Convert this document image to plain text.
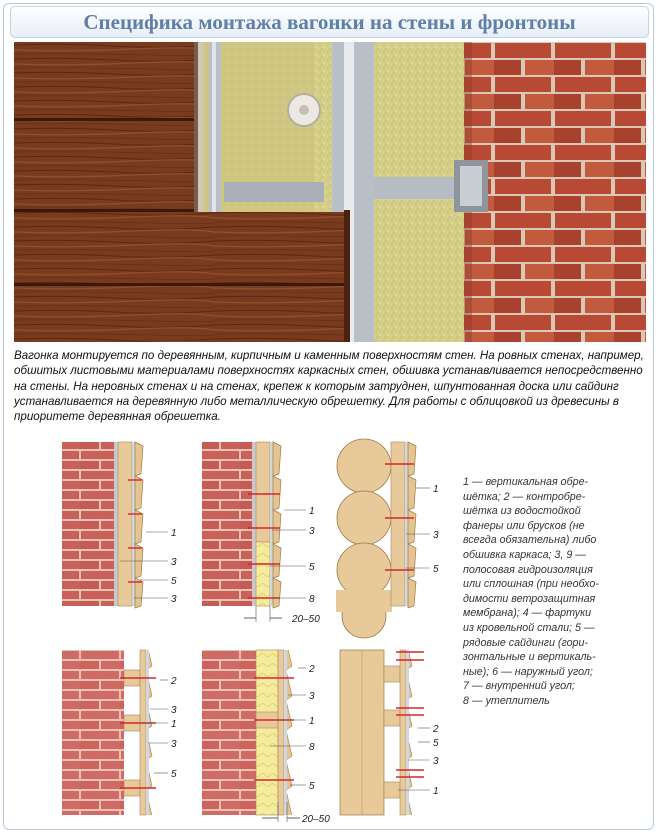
Специфика монтажа вагонки на стены и фронтоны
Вагонка монтируется по деревянным, кирпичным и каменным поверхностям стен. На ровных стенах, например, обшитых листовыми материалами поверхностях каркасных стен, обшивка устанавливается непосредственно на стены. На неровных стенах и на стенах, крепеж к которым затруднен, шпунтованная доска или сайдинг устанавливается на деревянную либо металлическую обрешетку. Для работы с облицовкой из древесины в приоритете деревянная обрешетка.
1
3
5
3
1
3
5
8
20–50
1
3
5
2
3
1
3
5
2
3
1
8
5
20–50
2
5
3
1
1 — вертикальная обре-
шётка; 2 — контробре-
шётка из водостойкой
фанеры или брусков (не
всегда обязательна) либо
обшивка каркаса; 3, 9 —
полосовая гидроизоляция
или сплошная (при необхо-
димости ветрозащитная
мембрана); 4 — фартуки
из кровельной стали; 5 —
рядовые сайдинги (гори-
зонтальные и вертикаль-
ные); 6 — наружный угол;
7 — внутренний угол;
8 — утеплитель
